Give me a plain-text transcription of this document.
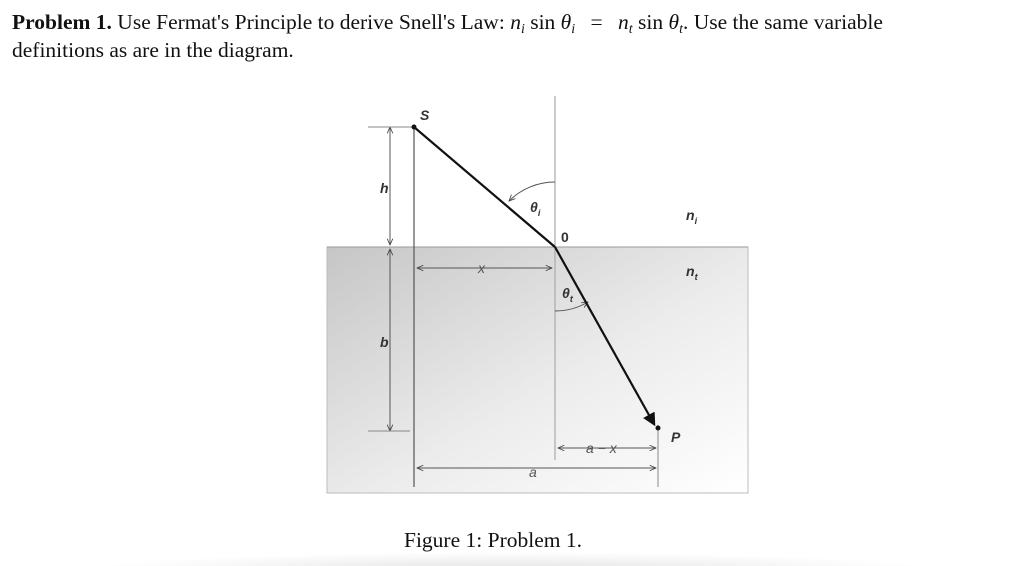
Problem 1. Use Fermat's Principle to derive Snell's Law: $n_i$ $\sin \theta_i = n_t$ $\sin \theta_t$. Use the same variable
definitions as are in the diagram.
S
h
b
x
a
a − x
P
0
$\theta_i$
$\theta_t$
$n_i$
$n_t$
Figure 1: Problem 1.
